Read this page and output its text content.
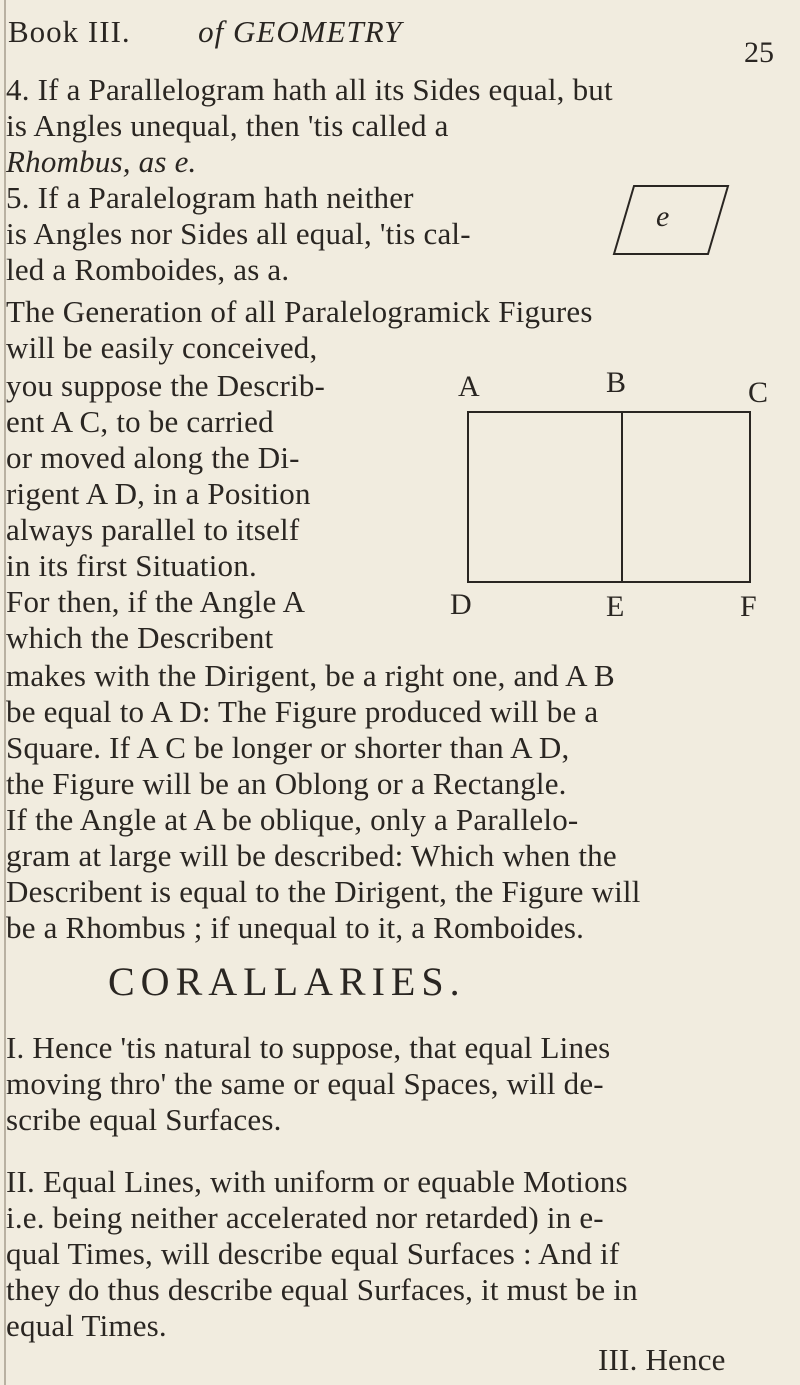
Book III. of GEOMETRY
25
4. If a Parallelogram hath all its Sides equal, but
is Angles unequal, then 'tis called a
Rhombus, as e.
5. If a Paralelogram hath neither
is Angles nor Sides all equal, 'tis cal-
led a Romboides, as a.
The Generation of all Paralelogramick Figures
will be easily conceived,
you suppose the Describ-
ent A C, to be carried
or moved along the Di-
rigent A D, in a Position
always parallel to itself
in its first Situation.
For then, if the Angle A
which the Describent
e
A	B	C
D	E	F
makes with the Dirigent, be a right one, and A B
be equal to A D: The Figure produced will be a
Square. If A C be longer or shorter than A D,
the Figure will be an Oblong or a Rectangle.
If the Angle at A be oblique, only a Parallelo-
gram at large will be described: Which when the
Describent is equal to the Dirigent, the Figure will
be a Rhombus ; if unequal to it, a Romboides.
CORALLARIES.
I. Hence 'tis natural to suppose, that equal Lines
moving thro' the same or equal Spaces, will de-
scribe equal Surfaces.
II. Equal Lines, with uniform or equable Motions
i.e. being neither accelerated nor retarded) in e-
qual Times, will describe equal Surfaces : And if
they do thus describe equal Surfaces, it must be in
equal Times.
III. Hence
